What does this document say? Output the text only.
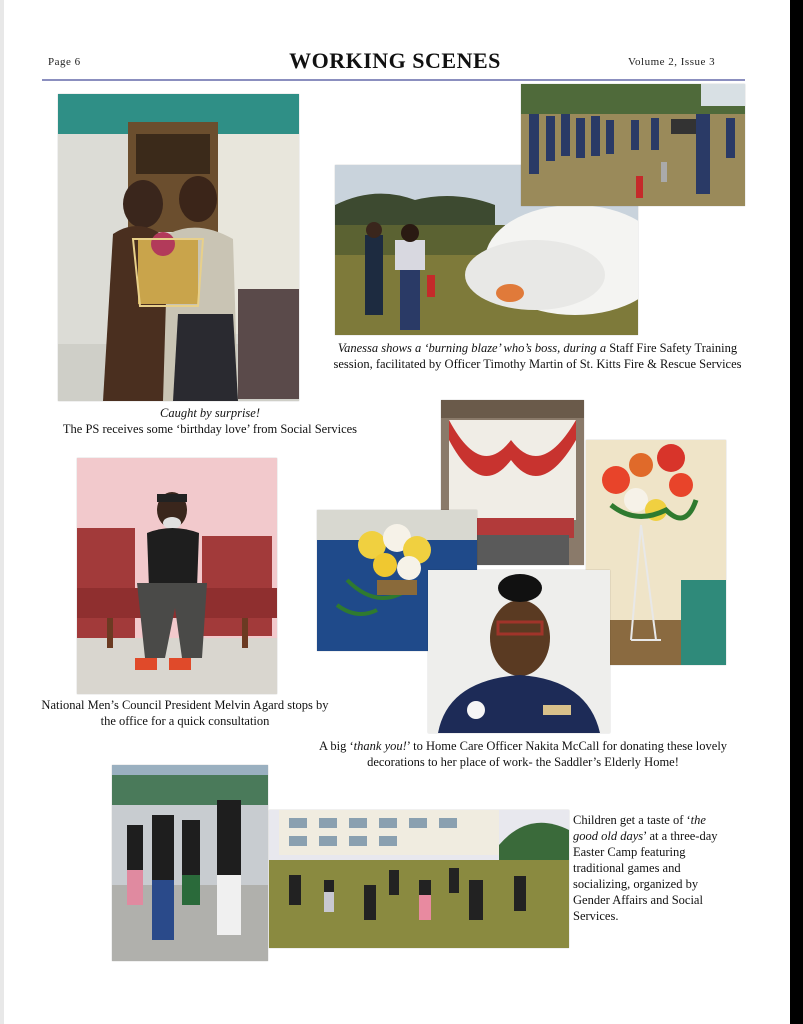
Page 6	WORKING SCENES	Volume 2, Issue 3
Caught by surprise!
The PS receives some ‘birthday love’ from Social Services
Vanessa shows a ‘burning blaze’ who’s boss, during a Staff Fire Safety Training session, facilitated by Officer Timothy Martin of St. Kitts Fire & Rescue Services
National Men’s Council President Melvin Agard stops by the office for a quick consultation
A big ‘thank you!’ to Home Care Officer Nakita McCall for donating these lovely decorations to her place of work- the Saddler’s Elderly Home!
Children get a taste of ‘the good old days’ at a three-day Easter Camp featuring traditional games and socializing, organized by Gender Affairs and Social Services.
